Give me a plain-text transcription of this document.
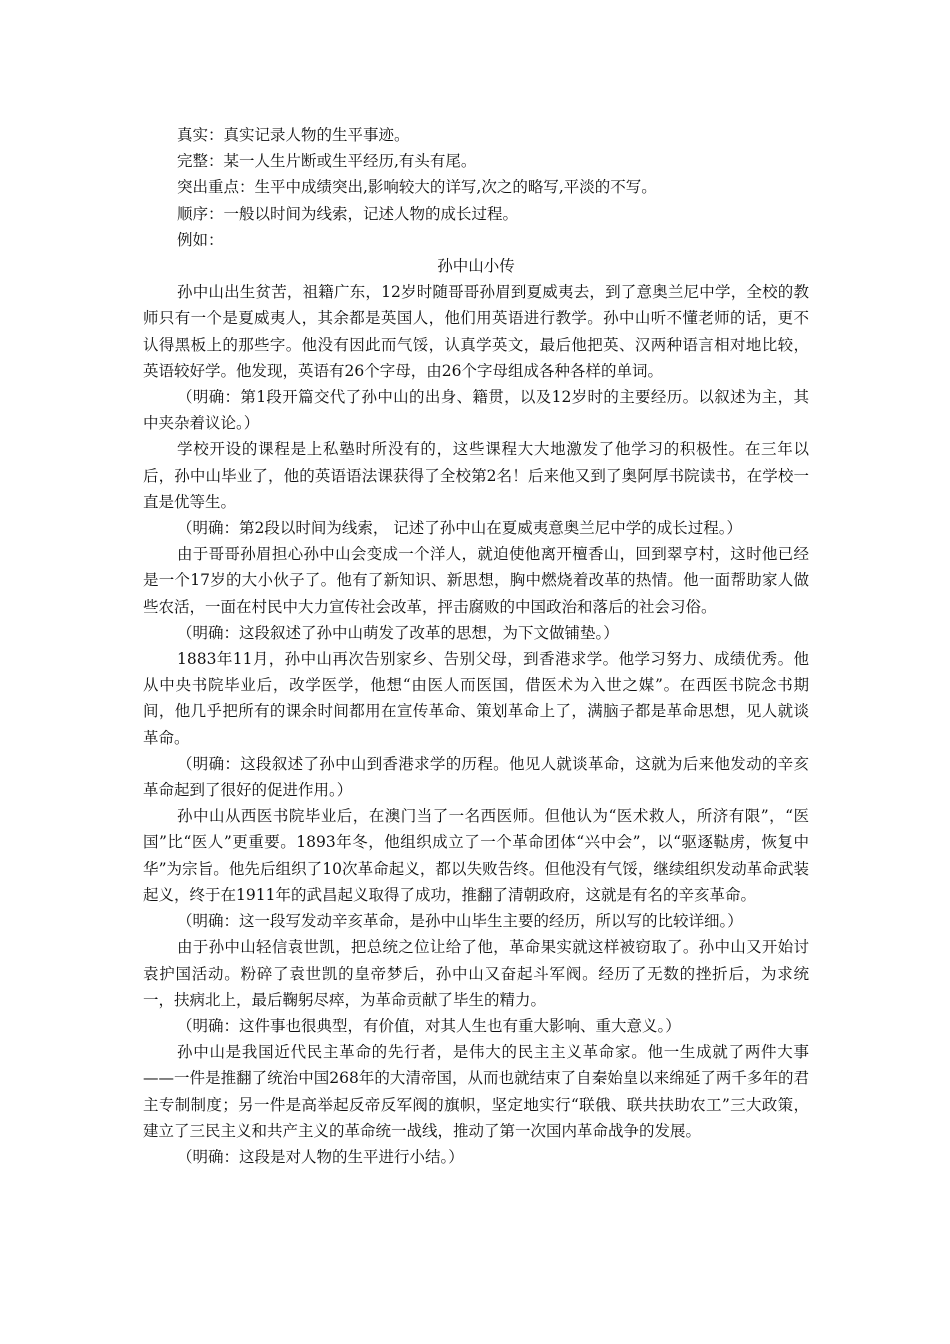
真实：真实记录人物的生平事迹。

完整：某一人生片断或生平经历,有头有尾。

突出重点：生平中成绩突出,影响较大的详写,次之的略写,平淡的不写。

顺序：一般以时间为线索，记述人物的成长过程。

例如：

孙中山小传

孙中山出生贫苦，祖籍广东，12岁时随哥哥孙眉到夏威夷去，到了意奥兰尼中学，全校的教师只有一个是夏威夷人，其余都是英国人，他们用英语进行教学。孙中山听不懂老师的话，更不认得黑板上的那些字。他没有因此而气馁，认真学英文，最后他把英、汉两种语言相对地比较，英语较好学。他发现，英语有26个字母，由26个字母组成各种各样的单词。

（明确：第1段开篇交代了孙中山的出身、籍贯，以及12岁时的主要经历。以叙述为主，其中夹杂着议论。）

学校开设的课程是上私塾时所没有的，这些课程大大地激发了他学习的积极性。在三年以后，孙中山毕业了，他的英语语法课获得了全校第2名！后来他又到了奥阿厚书院读书，在学校一直是优等生。

（明确：第2段以时间为线索， 记述了孙中山在夏威夷意奥兰尼中学的成长过程。）

由于哥哥孙眉担心孙中山会变成一个洋人，就迫使他离开檀香山，回到翠亨村，这时他已经是一个17岁的大小伙子了。他有了新知识、新思想，胸中燃烧着改革的热情。他一面帮助家人做些农活，一面在村民中大力宣传社会改革，抨击腐败的中国政治和落后的社会习俗。

（明确：这段叙述了孙中山萌发了改革的思想，为下文做铺垫。）

1883年11月，孙中山再次告别家乡、告别父母，到香港求学。他学习努力、成绩优秀。他从中央书院毕业后，改学医学，他想“由医人而医国，借医术为入世之媒”。在西医书院念书期间，他几乎把所有的课余时间都用在宣传革命、策划革命上了，满脑子都是革命思想，见人就谈革命。

（明确：这段叙述了孙中山到香港求学的历程。他见人就谈革命，这就为后来他发动的辛亥革命起到了很好的促进作用。）

孙中山从西医书院毕业后，在澳门当了一名西医师。但他认为“医术救人，所济有限”，“医国”比“医人”更重要。1893年冬，他组织成立了一个革命团体“兴中会”，以“驱逐鞑虏，恢复中华”为宗旨。他先后组织了10次革命起义，都以失败告终。但他没有气馁，继续组织发动革命武装起义，终于在1911年的武昌起义取得了成功，推翻了清朝政府，这就是有名的辛亥革命。

（明确：这一段写发动辛亥革命，是孙中山毕生主要的经历，所以写的比较详细。）

由于孙中山轻信袁世凯，把总统之位让给了他，革命果实就这样被窃取了。孙中山又开始讨袁护国活动。粉碎了袁世凯的皇帝梦后，孙中山又奋起斗军阀。经历了无数的挫折后，为求统一，扶病北上，最后鞠躬尽瘁，为革命贡献了毕生的精力。

（明确：这件事也很典型，有价值，对其人生也有重大影响、重大意义。）

孙中山是我国近代民主革命的先行者，是伟大的民主主义革命家。他一生成就了两件大事——一件是推翻了统治中国268年的大清帝国，从而也就结束了自秦始皇以来绵延了两千多年的君主专制制度；另一件是高举起反帝反军阀的旗帜，坚定地实行“联俄、联共扶助农工”三大政策，建立了三民主义和共产主义的革命统一战线，推动了第一次国内革命战争的发展。

（明确：这段是对人物的生平进行小结。）
